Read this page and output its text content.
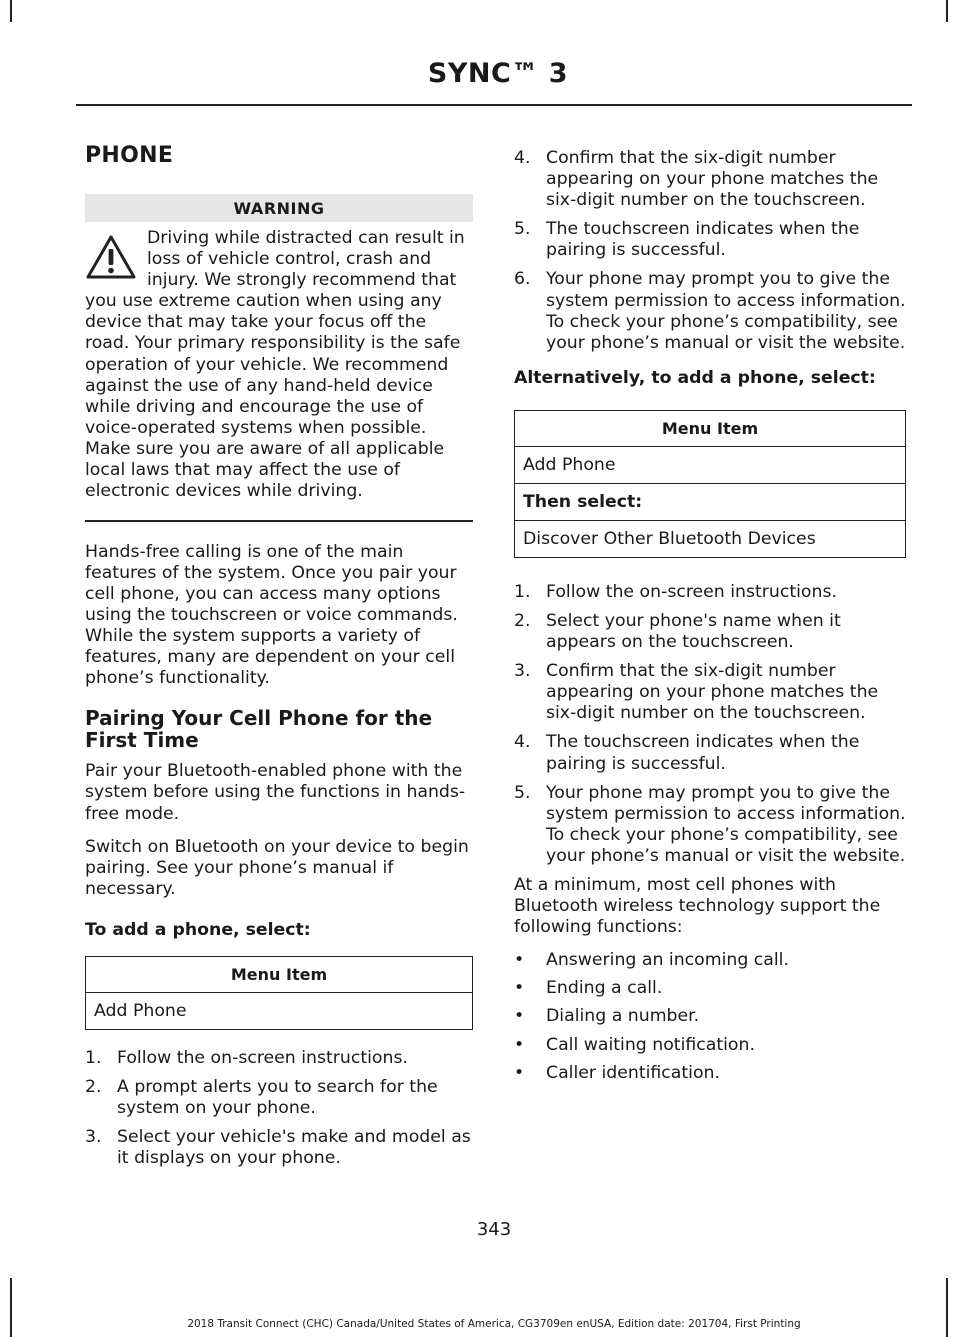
SYNC™ 3
PHONE
WARNING

Driving while distracted can result in loss of vehicle control, crash and injury. We strongly recommend that you use extreme caution when using any device that may take your focus off the road. Your primary responsibility is the safe operation of your vehicle. We recommend against the use of any hand-held device while driving and encourage the use of voice-operated systems when possible. Make sure you are aware of all applicable local laws that may affect the use of electronic devices while driving.

Hands-free calling is one of the main features of the system. Once you pair your cell phone, you can access many options using the touchscreen or voice commands. While the system supports a variety of features, many are dependent on your cell phone’s functionality.

Pairing Your Cell Phone for the First Time

Pair your Bluetooth-enabled phone with the system before using the functions in hands-free mode.

Switch on Bluetooth on your device to begin pairing. See your phone’s manual if necessary.

To add a phone, select:

Menu Item
Add Phone
1. Follow the on-screen instructions.
2. A prompt alerts you to search for the system on your phone.
3. Select your vehicle's make and model as it displays on your phone.
4. Confirm that the six-digit number appearing on your phone matches the six-digit number on the touchscreen.
5. The touchscreen indicates when the pairing is successful.
6. Your phone may prompt you to give the system permission to access information. To check your phone’s compatibility, see your phone’s manual or visit the website.

Alternatively, to add a phone, select:

Menu Item
Add Phone
Then select:
Discover Other Bluetooth Devices
1. Follow the on-screen instructions.
2. Select your phone's name when it appears on the touchscreen.
3. Confirm that the six-digit number appearing on your phone matches the six-digit number on the touchscreen.
4. The touchscreen indicates when the pairing is successful.
5. Your phone may prompt you to give the system permission to access information. To check your phone’s compatibility, see your phone’s manual or visit the website.

At a minimum, most cell phones with Bluetooth wireless technology support the following functions:

• Answering an incoming call.
• Ending a call.
• Dialing a number.
• Call waiting notification.
• Caller identification.
343
2018 Transit Connect (CHC) Canada/United States of America, CG3709en enUSA, Edition date: 201704, First Printing
